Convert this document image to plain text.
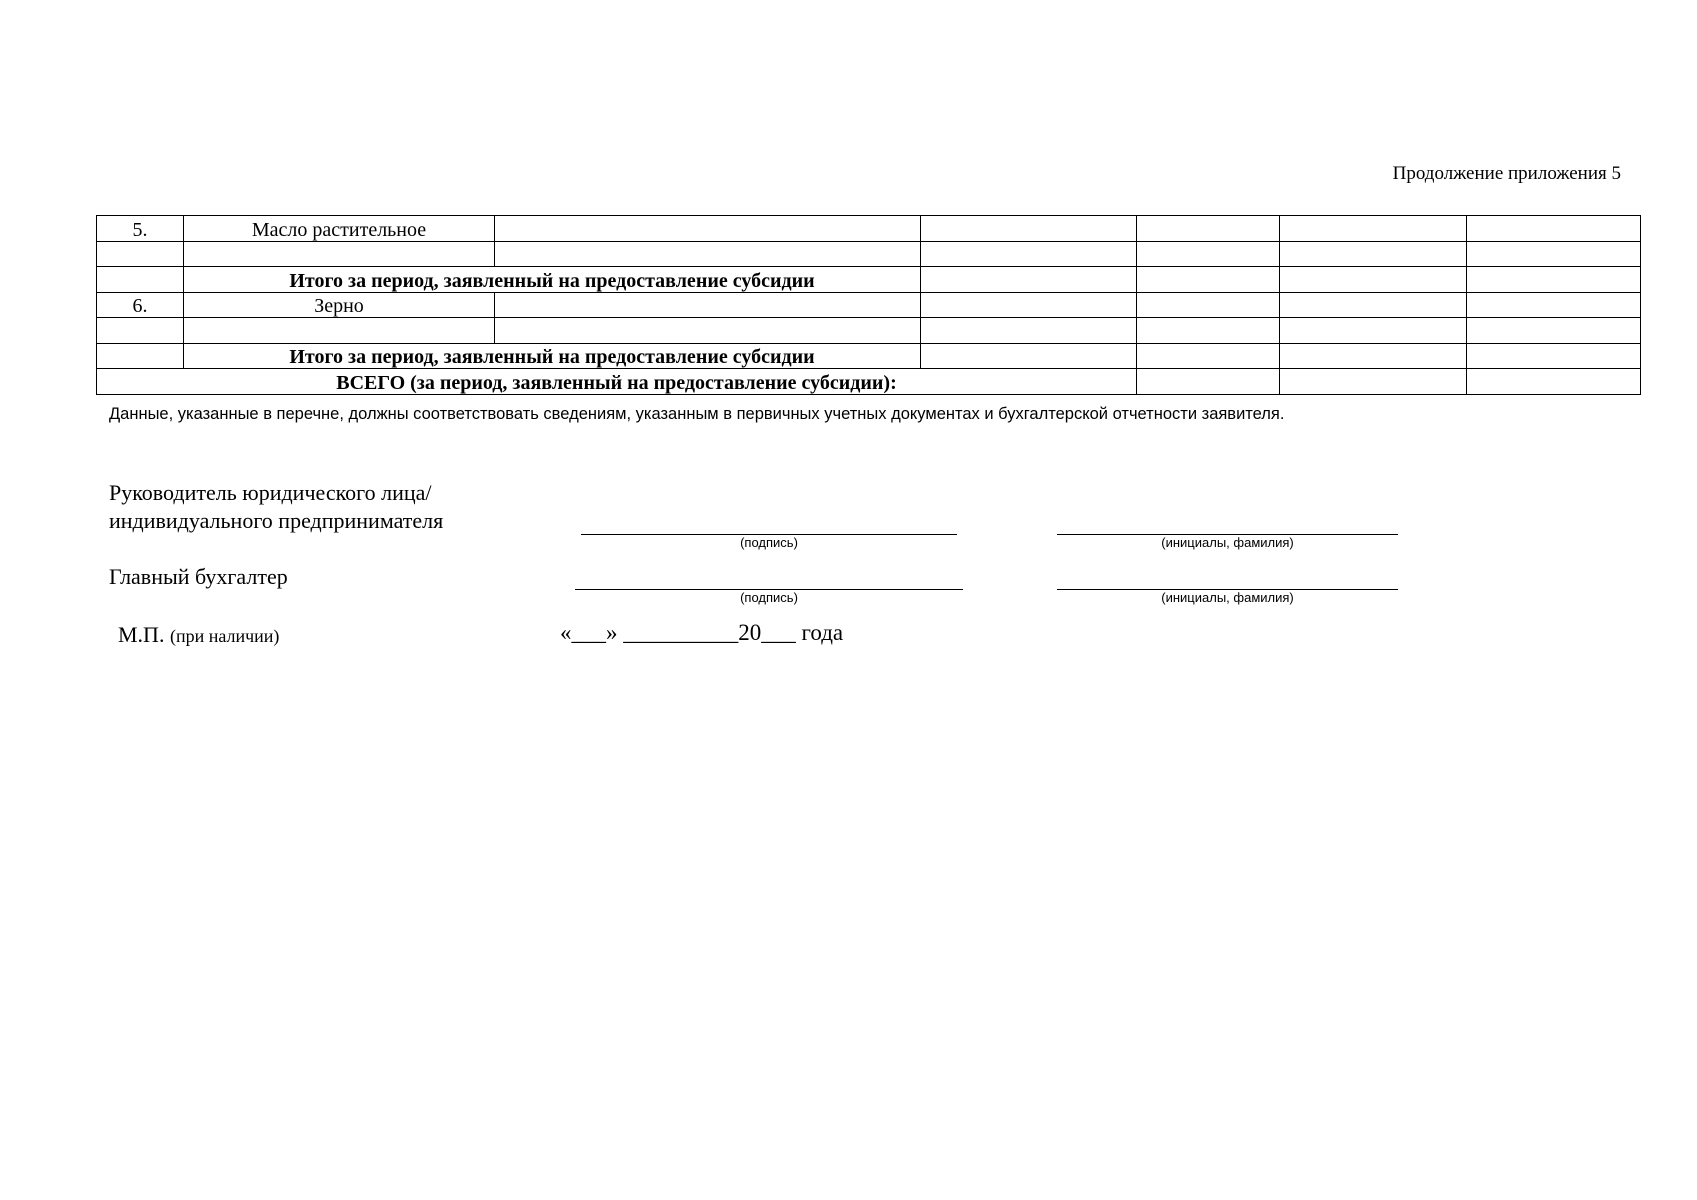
Продолжение приложения 5
5.	Масло растительное					

	Итого за период, заявленный на предоставление субсидии					
6.	Зерно					

	Итого за период, заявленный на предоставление субсидии					
ВСЕГО (за период, заявленный на предоставление субсидии):						
Данные, указанные в перечне, должны соответствовать сведениям, указанным в первичных учетных документах и бухгалтерской отчетности заявителя.
Руководитель юридического лица/
индивидуального предпринимателя
(подпись)	(инициалы, фамилия)
Главный бухгалтер
(подпись)	(инициалы, фамилия)
М.П. (при наличии)	«___» __________20___ года
